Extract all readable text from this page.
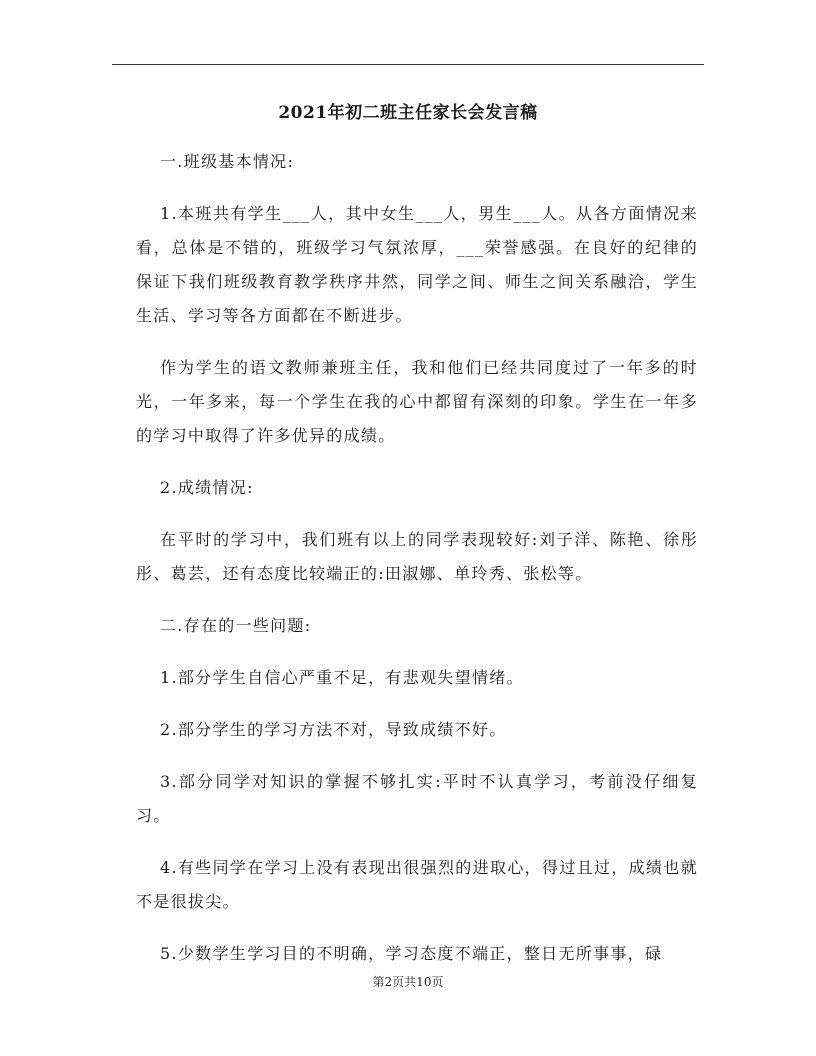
2021年初二班主任家长会发言稿

一.班级基本情况:

1.本班共有学生___人，其中女生___人，男生___人。从各方面情况来看，总体是不错的，班级学习气氛浓厚，___荣誉感强。在良好的纪律的保证下我们班级教育教学秩序井然，同学之间、师生之间关系融洽，学生生活、学习等各方面都在不断进步。

作为学生的语文教师兼班主任，我和他们已经共同度过了一年多的时光，一年多来，每一个学生在我的心中都留有深刻的印象。学生在一年多的学习中取得了许多优异的成绩。

2.成绩情况:

在平时的学习中，我们班有以上的同学表现较好:刘子洋、陈艳、徐彤彤、葛芸，还有态度比较端正的:田淑娜、单玲秀、张松等。

二.存在的一些问题:

1.部分学生自信心严重不足，有悲观失望情绪。

2.部分学生的学习方法不对，导致成绩不好。

3.部分同学对知识的掌握不够扎实:平时不认真学习，考前没仔细复习。

4.有些同学在学习上没有表现出很强烈的进取心，得过且过，成绩也就不是很拔尖。

5.少数学生学习目的不明确，学习态度不端正，整日无所事事，碌

第2页共10页
